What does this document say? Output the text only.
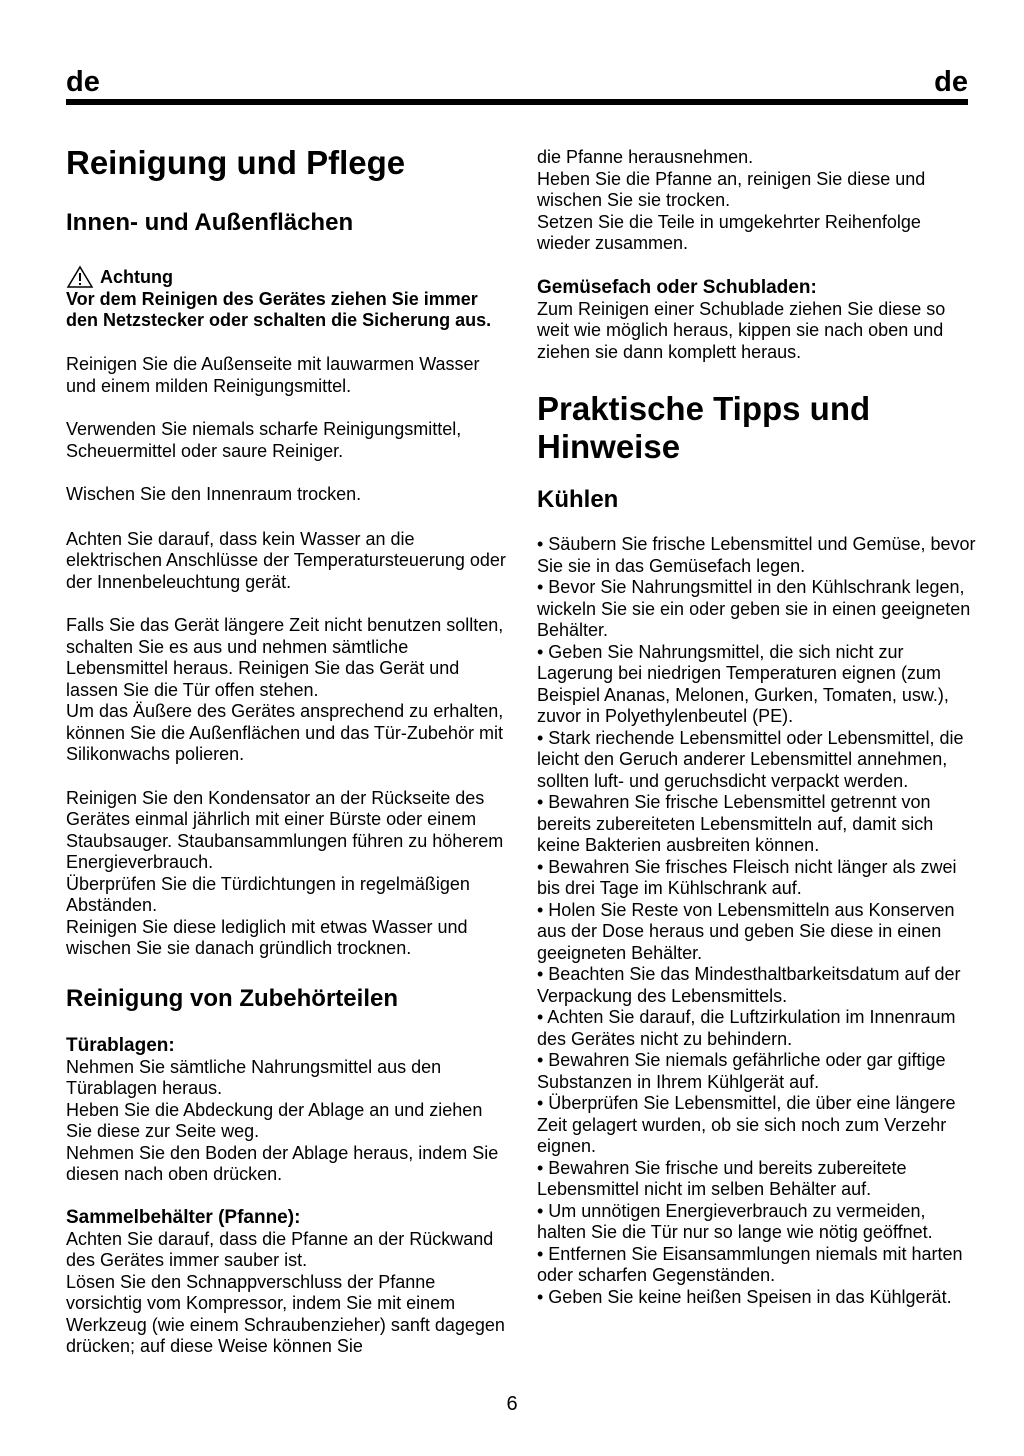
de	de
Reinigung und Pflege
Innen- und Außenflächen
Achtung
Vor dem Reinigen des Gerätes ziehen Sie immer den Netzstecker oder schalten die Sicherung aus.

Reinigen Sie die Außenseite mit lauwarmen Wasser und einem milden Reinigungsmittel.

Verwenden Sie niemals scharfe Reinigungsmittel, Scheuermittel oder saure Reiniger.

Wischen Sie den Innenraum trocken.

Achten Sie darauf, dass kein Wasser an die elektrischen Anschlüsse der Temperatursteuerung oder der Innenbeleuchtung gerät.

Falls Sie das Gerät längere Zeit nicht benutzen sollten, schalten Sie es aus und nehmen sämtliche Lebensmittel heraus. Reinigen Sie das Gerät und lassen Sie die Tür offen stehen.

Um das Äußere des Gerätes ansprechend zu erhalten, können Sie die Außenflächen und das Tür-Zubehör mit Silikonwachs polieren.

Reinigen Sie den Kondensator an der Rückseite des Gerätes einmal jährlich mit einer Bürste oder einem Staubsauger. Staubansammlungen führen zu höherem Energieverbrauch.

Überprüfen Sie die Türdichtungen in regelmäßigen Abständen.

Reinigen Sie diese lediglich mit etwas Wasser und wischen Sie sie danach gründlich trocknen.

Reinigung von Zubehörteilen
Türablagen:

Nehmen Sie sämtliche Nahrungsmittel aus den Türablagen heraus.

Heben Sie die Abdeckung der Ablage an und ziehen Sie diese zur Seite weg.

Nehmen Sie den Boden der Ablage heraus, indem Sie diesen nach oben drücken.

Sammelbehälter (Pfanne):

Achten Sie darauf, dass die Pfanne an der Rückwand des Gerätes immer sauber ist.

Lösen Sie den Schnappverschluss der Pfanne vorsichtig vom Kompressor, indem Sie mit einem Werkzeug (wie einem Schraubenzieher) sanft dagegen drücken; auf diese Weise können Sie

die Pfanne herausnehmen.

Heben Sie die Pfanne an, reinigen Sie diese und wischen Sie sie trocken.

Setzen Sie die Teile in umgekehrter Reihenfolge wieder zusammen.

Gemüsefach oder Schubladen:

Zum Reinigen einer Schublade ziehen Sie diese so weit wie möglich heraus, kippen sie nach oben und ziehen sie dann komplett heraus.

Praktische Tipps und Hinweise
Kühlen
• Säubern Sie frische Lebensmittel und Gemüse, bevor Sie sie in das Gemüsefach legen.
• Bevor Sie Nahrungsmittel in den Kühlschrank legen, wickeln Sie sie ein oder geben sie in einen geeigneten Behälter.
• Geben Sie Nahrungsmittel, die sich nicht zur Lagerung bei niedrigen Temperaturen eignen (zum Beispiel Ananas, Melonen, Gurken, Tomaten, usw.), zuvor in Polyethylenbeutel (PE).
• Stark riechende Lebensmittel oder Lebensmittel, die leicht den Geruch anderer Lebensmittel annehmen, sollten luft- und geruchsdicht verpackt werden.
• Bewahren Sie frische Lebensmittel getrennt von bereits zubereiteten Lebensmitteln auf, damit sich keine Bakterien ausbreiten können.
• Bewahren Sie frisches Fleisch nicht länger als zwei bis drei Tage im Kühlschrank auf.
• Holen Sie Reste von Lebensmitteln aus Konserven aus der Dose heraus und geben Sie diese in einen geeigneten Behälter.
• Beachten Sie das Mindesthaltbarkeitsdatum auf der Verpackung des Lebensmittels.
• Achten Sie darauf, die Luftzirkulation im Innenraum des Gerätes nicht zu behindern.
• Bewahren Sie niemals gefährliche oder gar giftige Substanzen in Ihrem Kühlgerät auf.
• Überprüfen Sie Lebensmittel, die über eine längere Zeit gelagert wurden, ob sie sich noch zum Verzehr eignen.
• Bewahren Sie frische und bereits zubereitete Lebensmittel nicht im selben Behälter auf.
• Um unnötigen Energieverbrauch zu vermeiden, halten Sie die Tür nur so lange wie nötig geöffnet.
• Entfernen Sie Eisansammlungen niemals mit harten oder scharfen Gegenständen.
• Geben Sie keine heißen Speisen in das Kühlgerät.
6
